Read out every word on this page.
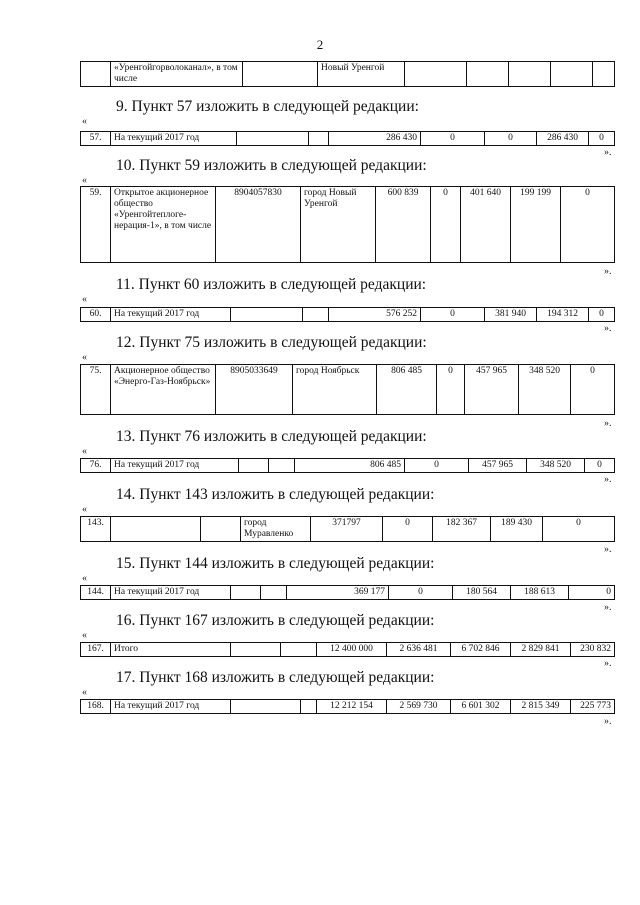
2
	«Уренгойгорволоканал», в том числе		Новый Уренгой					
9. Пункт 57 изложить в следующей редакции:
«
57.	На текущий 2017 год			286 430	0	0	286 430	0
».
10. Пункт 59 изложить в следующей редакции:
«
59.	Открытое акционерное общество «Уренгойтеплоге-нерация-1», в том числе	8904057830	город Новый Уренгой	600 839	0	401 640	199 199	0
».
11. Пункт 60 изложить в следующей редакции:
«
60.	На текущий 2017 год			576 252	0	381 940	194 312	0
».
12. Пункт 75 изложить в следующей редакции:
«
75.	Акционерное общество «Энерго-Газ-Ноябрьск»	8905033649	город Ноябрьск	806 485	0	457 965	348 520	0
».
13. Пункт 76 изложить в следующей редакции:
«
76.	На текущий 2017 год			806 485	0	457 965	348 520	0
».
14. Пункт 143 изложить в следующей редакции:
«
143.			город Муравленко	371797	0	182 367	189 430	0
».
15. Пункт 144 изложить в следующей редакции:
«
144.	На текущий 2017 год			369 177	0	180 564	188 613	0
».
16. Пункт 167 изложить в следующей редакции:
«
167.	Итого			12 400 000	2 636 481	6 702 846	2 829 841	230 832
».
17. Пункт 168 изложить в следующей редакции:
«
168.	На текущий 2017 год			12 212 154	2 569 730	6 601 302	2 815 349	225 773
».
